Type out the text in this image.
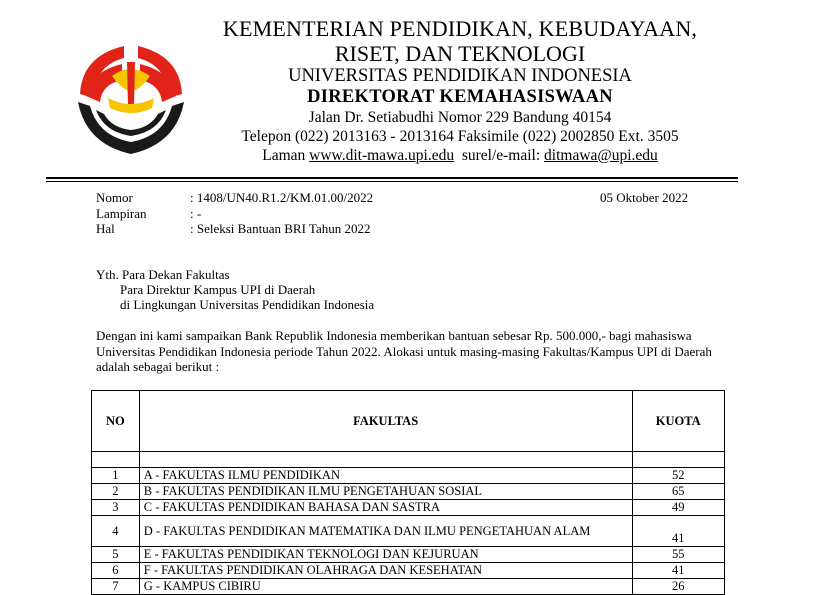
KEMENTERIAN PENDIDIKAN, KEBUDAYAAN,
RISET, DAN TEKNOLOGI
UNIVERSITAS PENDIDIKAN INDONESIA
DIREKTORAT KEMAHASISWAAN
Jalan Dr. Setiabudhi Nomor 229 Bandung 40154
Telepon (022) 2013163 - 2013164 Faksimile (022) 2002850 Ext. 3505
Laman www.dit-mawa.upi.edu surel/e-mail: ditmawa@upi.edu
Nomor	: 1408/UN40.R1.2/KM.01.00/2022
Lampiran	: -
Hal	: Seleksi Bantuan BRI Tahun 2022
05 Oktober 2022
Yth. Para Dekan Fakultas
Para Direktur Kampus UPI di Daerah
di Lingkungan Universitas Pendidikan Indonesia
Dengan ini kami sampaikan Bank Republik Indonesia memberikan bantuan sebesar Rp. 500.000,- bagi mahasiswa Universitas Pendidikan Indonesia periode Tahun 2022. Alokasi untuk masing-masing Fakultas/Kampus UPI di Daerah adalah sebagai berikut :
NO	FAKULTAS	KUOTA

1	A - FAKULTAS ILMU PENDIDIKAN	52
2	B - FAKULTAS PENDIDIKAN ILMU PENGETAHUAN SOSIAL	65
3	C - FAKULTAS PENDIDIKAN BAHASA DAN SASTRA	49
4	D - FAKULTAS PENDIDIKAN MATEMATIKA DAN ILMU PENGETAHUAN ALAM	41
5	E - FAKULTAS PENDIDIKAN TEKNOLOGI DAN KEJURUAN	55
6	F - FAKULTAS PENDIDIKAN OLAHRAGA DAN KESEHATAN	41
7	G - KAMPUS CIBIRU	26
